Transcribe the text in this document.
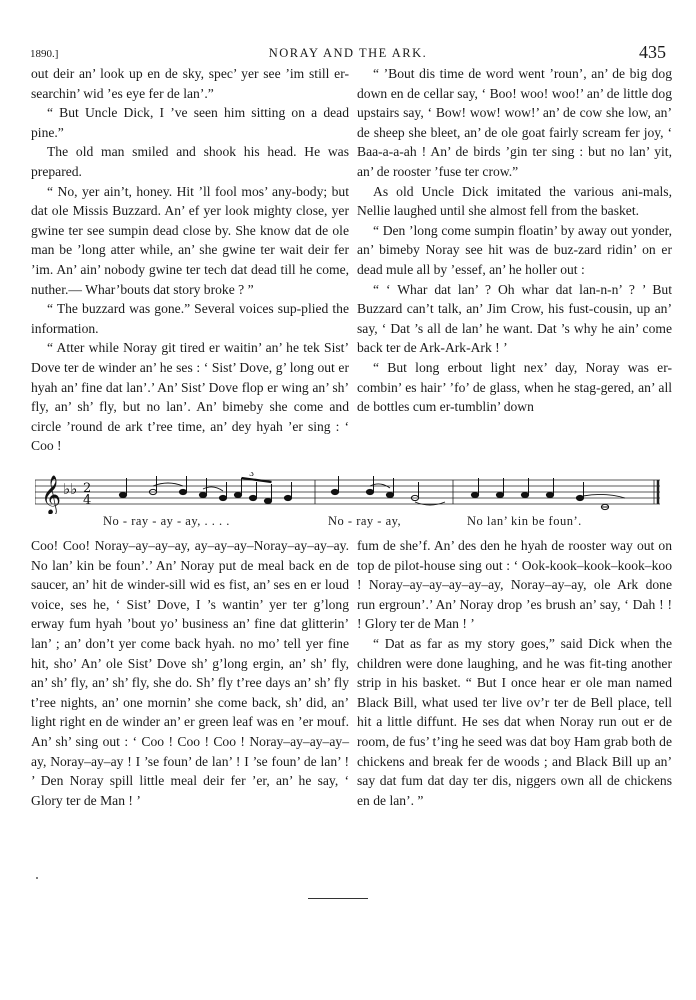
1890.]	NORAY AND THE ARK.	435

out deir an’ look up en de sky, spec’ yer see ’im still er-searchin’ wid ’es eye fer de lan’.”

“ But Uncle Dick, I ’ve seen him sitting on a dead pine.”

The old man smiled and shook his head. He was prepared.

“ No, yer ain’t, honey. Hit ’ll fool mos’ any-body; but dat ole Missis Buzzard. An’ ef yer look mighty close, yer gwine ter see sumpin dead close by. She know dat de ole man be ’long atter while, an’ she gwine ter wait deir fer ’im. An’ ain’ nobody gwine ter tech dat dead till he come, nuther.— Whar’bouts dat story broke ? ”

“ The buzzard was gone.” Several voices sup-plied the information.

“ Atter while Noray git tired er waitin’ an’ he tek Sist’ Dove ter de winder an’ he ses : ‘ Sist’ Dove, g’ long out er hyah an’ fine dat lan’.’ An’ Sist’ Dove flop er wing an’ sh’ fly, an’ sh’ fly, but no lan’. An’ bimeby she come and circle ’round de ark t’ree time, an’ dey hyah ’er sing : ‘ Coo !

“ ’Bout dis time de word went ’roun’, an’ de big dog down en de cellar say, ‘ Boo! woo! woo!’ an’ de little dog upstairs say, ‘ Bow! wow! wow!’ an’ de cow she low, an’ de sheep she bleet, an’ de ole goat fairly scream fer joy, ‘ Baa-a-a-ah ! An’ de birds ’gin ter sing : but no lan’ yit, an’ de rooster ’fuse ter crow.”

As old Uncle Dick imitated the various ani-mals, Nellie laughed until she almost fell from the basket.

“ Den ’long come sumpin floatin’ by away out yonder, an’ bimeby Noray see hit was de buz-zard ridin’ on er dead mule all by ’essef, an’ he holler out :

“ ‘ Whar dat lan’ ? Oh whar dat lan-n-n’ ? ’ But Buzzard can’t talk, an’ Jim Crow, his fust-cousin, up an’ say, ‘ Dat ’s all de lan’ he want. Dat ’s why he ain’ come back ter de Ark-Ark-Ark ! ’

“ But long erbout light nex’ day, Noray was er-combin’ es hair’ ’fo’ de glass, when he stag-gered, an’ all de bottles cum er-tumblin’ down

𝄞 ♭♭ 2
4
3
No - ray - ay - ay, . . . .	No - ray - ay,	No lan’ kin be foun’.

Coo! Coo! Noray–ay–ay–ay, ay–ay–ay–Noray–ay–ay–ay. No lan’ kin be foun’.’ An’ Noray put de meal back en de saucer, an’ hit de winder-sill wid es fist, an’ ses en er loud voice, ses he, ‘ Sist’ Dove, I ’s wantin’ yer ter g’long erway fum hyah ’bout yo’ business an’ fine dat glitterin’ lan’ ; an’ don’t yer come back hyah. no mo’ tell yer fine hit, sho’ An’ ole Sist’ Dove sh’ g’long ergin, an’ sh’ fly, an’ sh’ fly, an’ sh’ fly, she do. Sh’ fly t’ree days an’ sh’ fly t’ree nights, an’ one mornin’ she come back, sh’ did, an’ light right en de winder an’ er green leaf was en ’er mouf. An’ sh’ sing out : ‘ Coo ! Coo ! Coo ! Noray–ay–ay–ay–ay, Noray–ay–ay ! I ’se foun’ de lan’ ! I ’se foun’ de lan’ ! ’ Den Noray spill little meal deir fer ’er, an’ he say, ‘ Glory ter de Man ! ’

fum de she’f. An’ des den he hyah de rooster way out on top de pilot-house sing out : ‘ Ook-kook–kook–kook–koo ! Noray–ay–ay–ay–ay–ay, Noray–ay–ay, ole Ark done run ergroun’.’ An’ Noray drop ’es brush an’ say, ‘ Dah ! ! ! Glory ter de Man ! ’

“ Dat as far as my story goes,” said Dick when the children were done laughing, and he was fit-ting another strip in his basket. “ But I once hear er ole man named Black Bill, what used ter live ov’r ter de Bell place, tell hit a little diffunt. He ses dat when Noray run out er de room, de fus’ t’ing he seed was dat boy Ham grab both de chickens and break fer de woods ; and Black Bill up an’ say dat fum dat day ter dis, niggers own all de chickens en de lan’. ”
